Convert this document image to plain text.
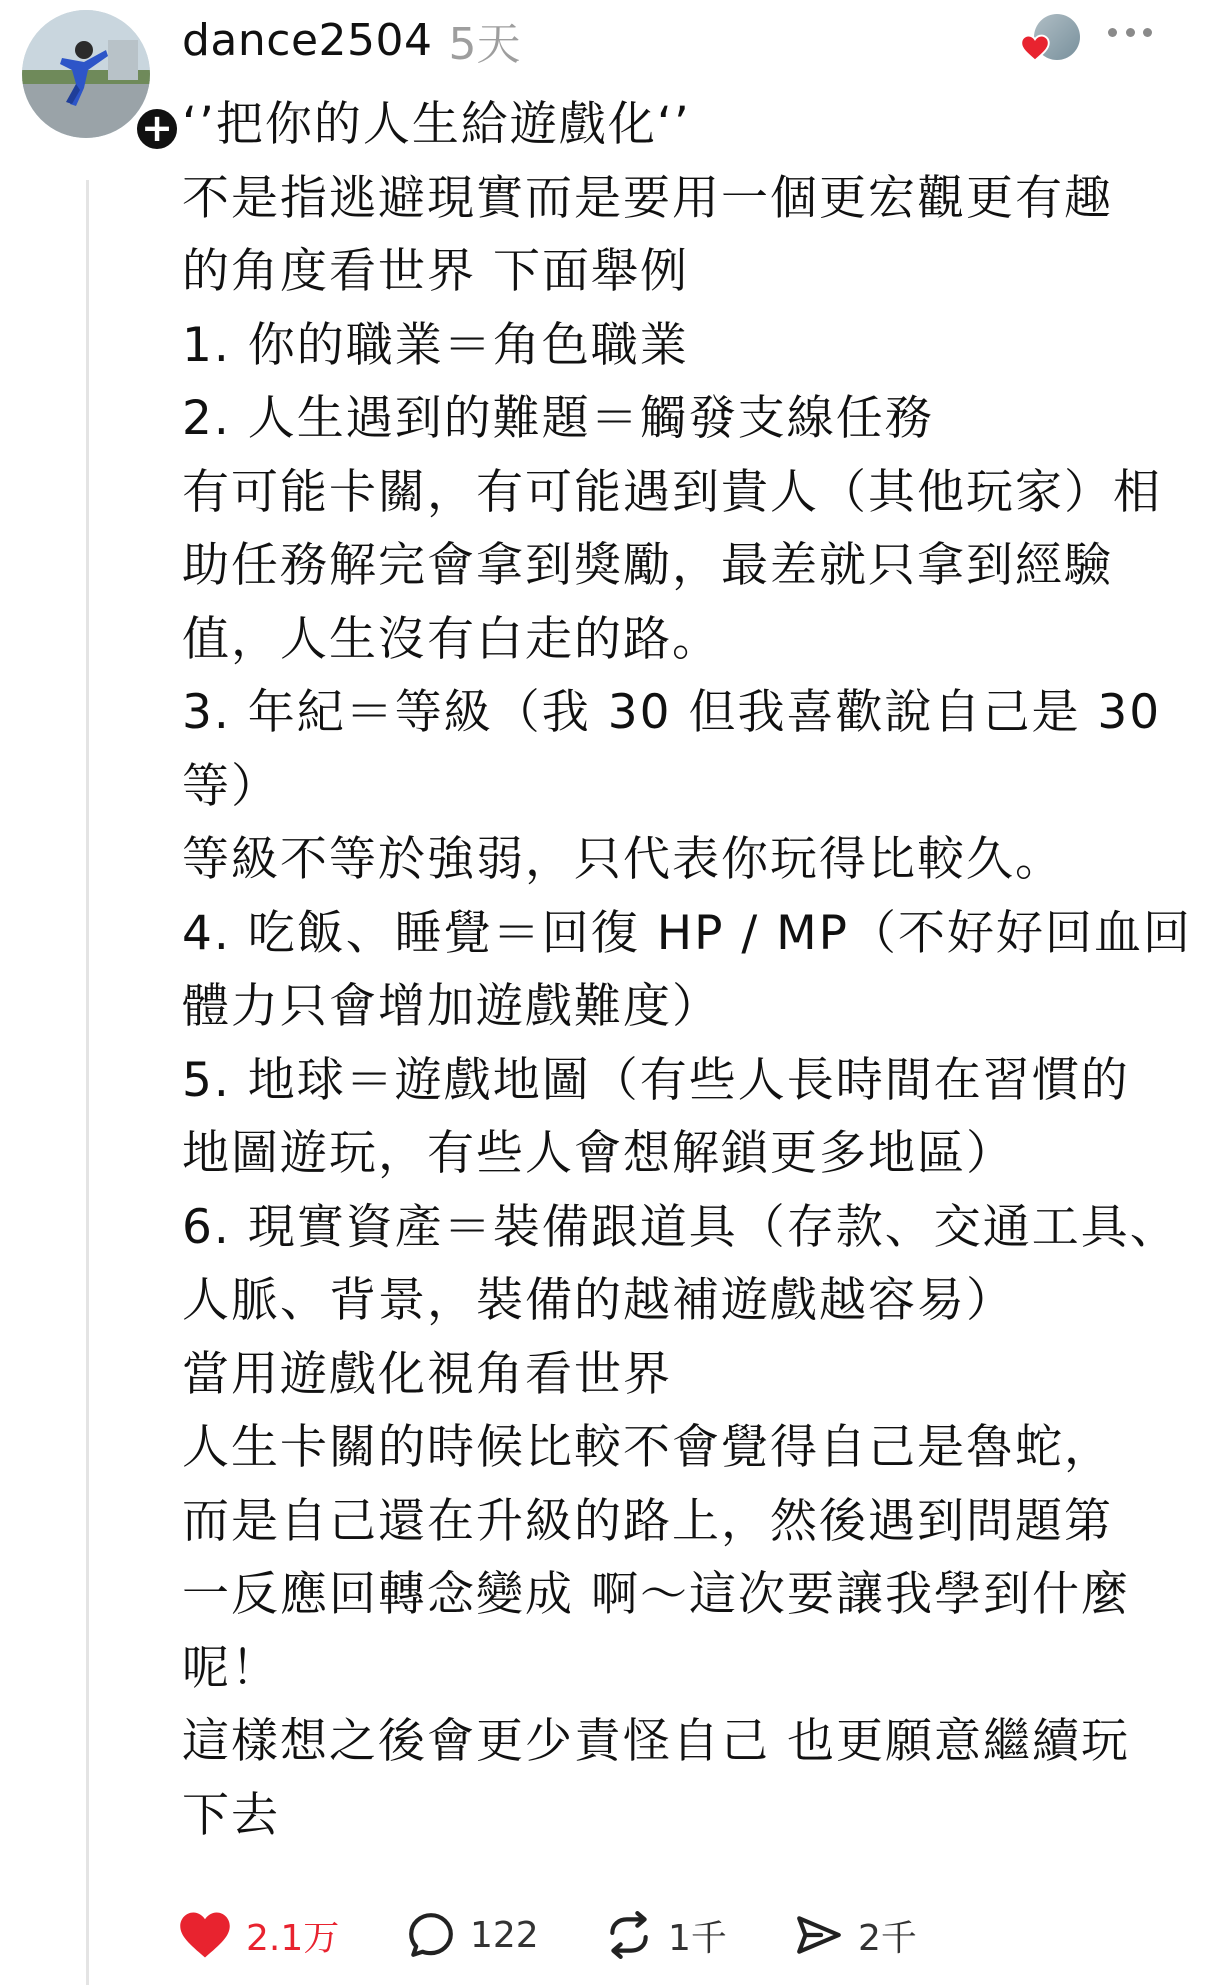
+
dance2504 5天
‘’把你的人生給遊戲化‘’
不是指逃避現實而是要用一個更宏觀更有趣
的角度看世界 下面舉例
1. 你的職業＝角色職業
2. 人生遇到的難題＝觸發支線任務
有可能卡關，有可能遇到貴人（其他玩家）相
助任務解完會拿到獎勵，最差就只拿到經驗
值，人生沒有白走的路。
3. 年紀＝等級（我 30 但我喜歡說自己是 30
等）
等級不等於強弱，只代表你玩得比較久。
4. 吃飯、睡覺＝回復 HP / MP（不好好回血回
體力只會增加遊戲難度）
5. 地球＝遊戲地圖（有些人長時間在習慣的
地圖遊玩，有些人會想解鎖更多地區）
6. 現實資產＝裝備跟道具（存款、交通工具、
人脈、背景，裝備的越補遊戲越容易）
當用遊戲化視角看世界
人生卡關的時候比較不會覺得自己是魯蛇，
而是自己還在升級的路上，然後遇到問題第
一反應回轉念變成 啊～這次要讓我學到什麼
呢！
這樣想之後會更少責怪自己 也更願意繼續玩
下去
2.1万	122	1千	2千
